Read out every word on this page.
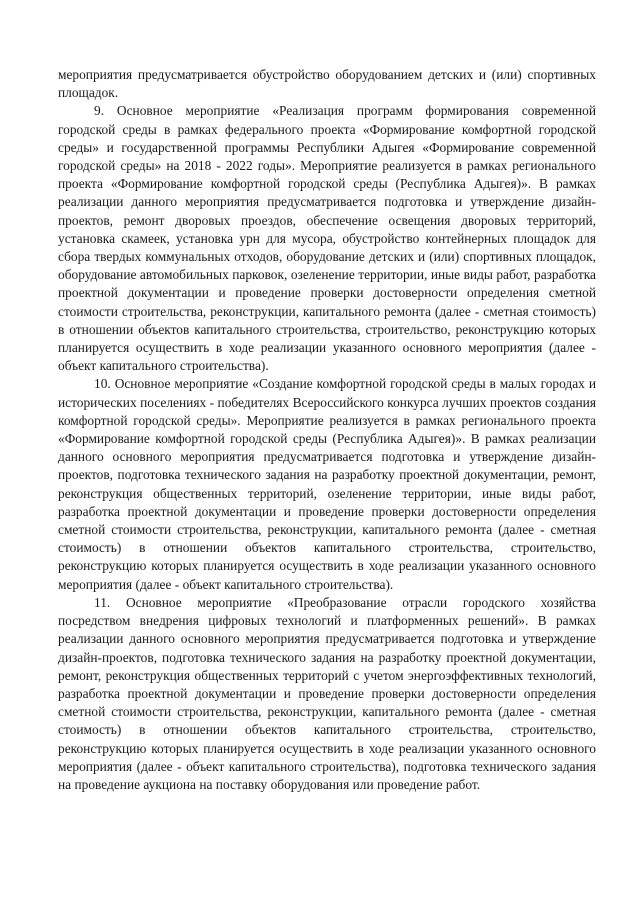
мероприятия предусматривается обустройство оборудованием детских и (или) спортивных площадок.

9. Основное мероприятие «Реализация программ формирования современной городской среды в рамках федерального проекта «Формирование комфортной городской среды» и государственной программы Республики Адыгея «Формирование современной городской среды» на 2018 - 2022 годы». Мероприятие реализуется в рамках регионального проекта «Формирование комфортной городской среды (Республика Адыгея)». В рамках реализации данного мероприятия предусматривается подготовка и утверждение дизайн-проектов, ремонт дворовых проездов, обеспечение освещения дворовых территорий, установка скамеек, установка урн для мусора, обустройство контейнерных площадок для сбора твердых коммунальных отходов, оборудование детских и (или) спортивных площадок, оборудование автомобильных парковок, озеленение территории, иные виды работ, разработка проектной документации и проведение проверки достоверности определения сметной стоимости строительства, реконструкции, капитального ремонта (далее - сметная стоимость) в отношении объектов капитального строительства, строительство, реконструкцию которых планируется осуществить в ходе реализации указанного основного мероприятия (далее - объект капитального строительства).

10. Основное мероприятие «Создание комфортной городской среды в малых городах и исторических поселениях - победителях Всероссийского конкурса лучших проектов создания комфортной городской среды». Мероприятие реализуется в рамках регионального проекта «Формирование комфортной городской среды (Республика Адыгея)». В рамках реализации данного основного мероприятия предусматривается подготовка и утверждение дизайн-проектов, подготовка технического задания на разработку проектной документации, ремонт, реконструкция общественных территорий, озеленение территории, иные виды работ, разработка проектной документации и проведение проверки достоверности определения сметной стоимости строительства, реконструкции, капитального ремонта (далее - сметная стоимость) в отношении объектов капитального строительства, строительство, реконструкцию которых планируется осуществить в ходе реализации указанного основного мероприятия (далее - объект капитального строительства).

11. Основное мероприятие «Преобразование отрасли городского хозяйства посредством внедрения цифровых технологий и платформенных решений». В рамках реализации данного основного мероприятия предусматривается подготовка и утверждение дизайн-проектов, подготовка технического задания на разработку проектной документации, ремонт, реконструкция общественных территорий с учетом энергоэффективных технологий, разработка проектной документации и проведение проверки достоверности определения сметной стоимости строительства, реконструкции, капитального ремонта (далее - сметная стоимость) в отношении объектов капитального строительства, строительство, реконструкцию которых планируется осуществить в ходе реализации указанного основного мероприятия (далее - объект капитального строительства), подготовка технического задания на проведение аукциона на поставку оборудования или проведение работ.
